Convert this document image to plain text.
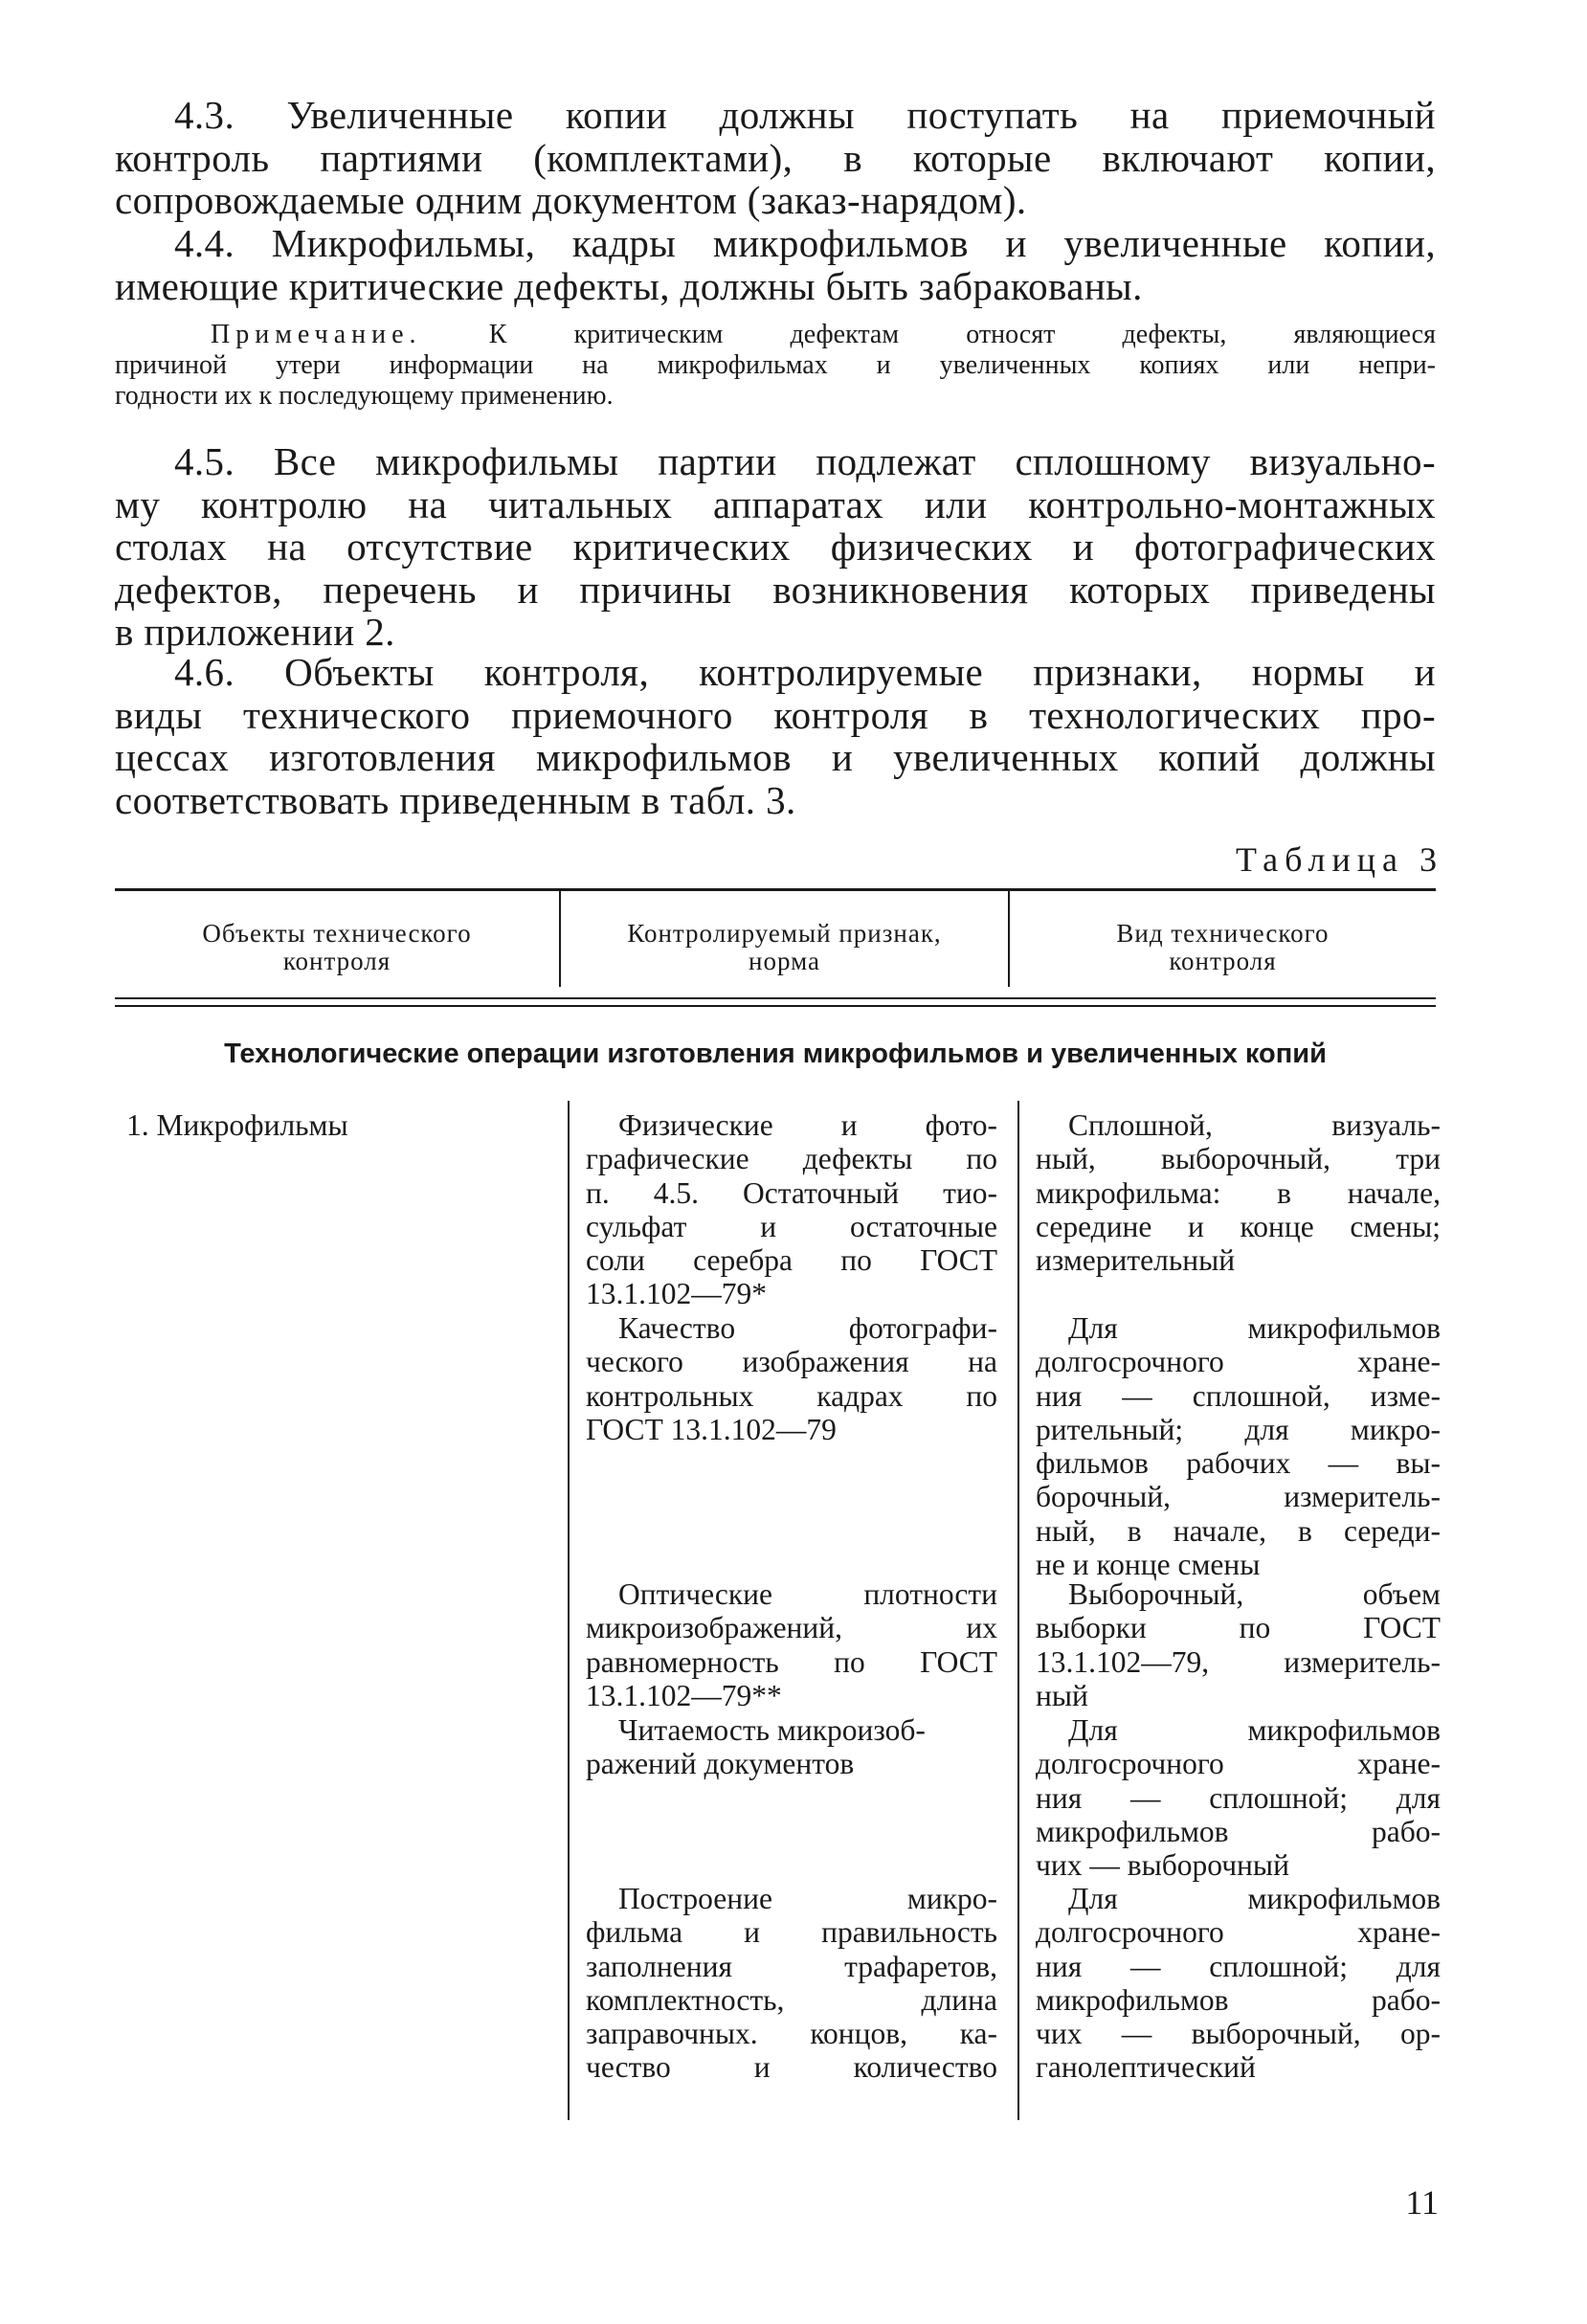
4.3. Увеличенные копии должны поступать на приемочный
контроль партиями (комплектами), в которые включают копии,
сопровождаемые одним документом (заказ-нарядом).
4.4. Микрофильмы, кадры микрофильмов и увеличенные копии,
имеющие критические дефекты, должны быть забракованы.
Примечание.	К критическим дефектам относят дефекты, являющиеся
причиной утери информации на микрофильмах и увеличенных копиях или непри-
годности их к последующему применению.
4.5. Все микрофильмы партии подлежат сплошному визуально-
му контролю на читальных аппаратах или контрольно-монтажных
столах на отсутствие критических физических и фотографических
дефектов, перечень и причины возникновения которых приведены
в приложении 2.
4.6. Объекты контроля, контролируемые признаки, нормы и
виды технического приемочного контроля в технологических про-
цессах изготовления микрофильмов и увеличенных копий должны
соответствовать приведенным в табл. 3.
Таблица 3
Объекты технического
контроля
Контролируемый признак,
норма
Вид технического
контроля
Технологические операции изготовления микрофильмов и увеличенных копий
1. Микрофильмы	Физические и фото-
графические дефекты по
п. 4.5. Остаточный тио-
сульфат и остаточные
соли серебра по ГОСТ
13.1.102—79*
Качество фотографи-
ческого изображения на
контрольных кадрах по
ГОСТ 13.1.102—79
Оптические плотности
микроизображений, их
равномерность по ГОСТ
13.1.102—79**
Читаемость микроизоб-
ражений документов
Построение микро-
фильма и правильность
заполнения трафаретов,
комплектность, длина
заправочных. концов, ка-
чество и количество
Сплошной, визуаль-
ный, выборочный, три
микрофильма: в начале,
середине и конце смены;
измерительный
Для микрофильмов
долгосрочного хране-
ния — сплошной, изме-
рительный; для микро-
фильмов рабочих — вы-
борочный, измеритель-
ный, в начале, в середи-
не и конце смены
Выборочный, объем
выборки по ГОСТ
13.1.102—79, измеритель-
ный
Для микрофильмов
долгосрочного хране-
ния — сплошной; для
микрофильмов рабо-
чих — выборочный
Для микрофильмов
долгосрочного хране-
ния — сплошной; для
микрофильмов рабо-
чих — выборочный, ор-
ганолептический
11
